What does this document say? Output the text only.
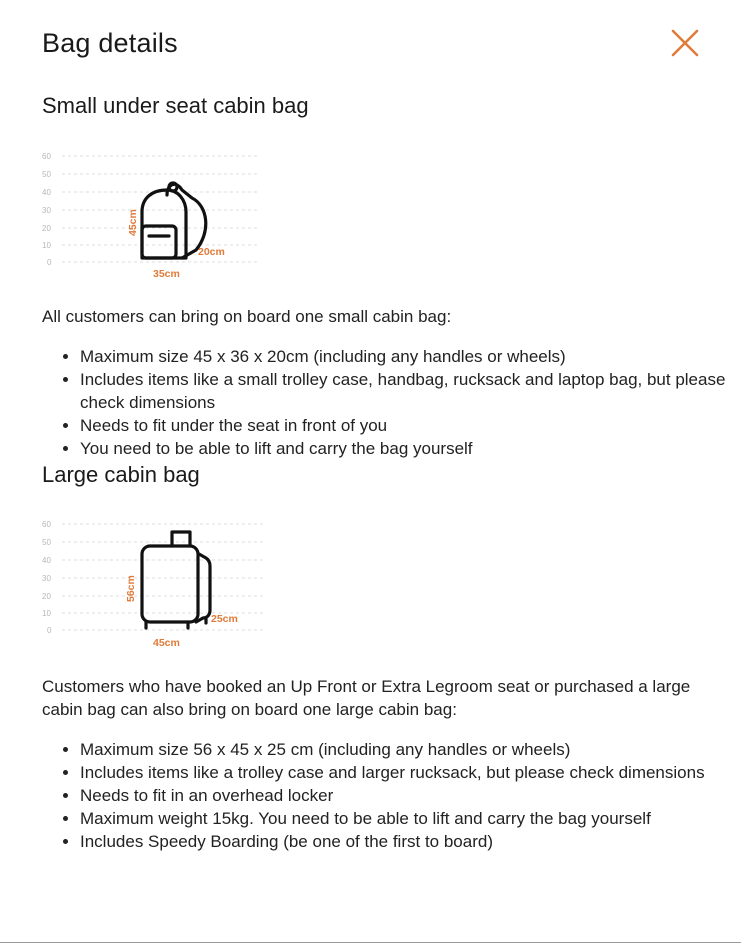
Bag details
Small under seat cabin bag
60
50
40
30
20
10
0
45cm
35cm
20cm

All customers can bring on board one small cabin bag:

• Maximum size 45 x 36 x 20cm (including any handles or wheels)
• Includes items like a small trolley case, handbag, rucksack and laptop bag, but please check dimensions
• Needs to fit under the seat in front of you
• You need to be able to lift and carry the bag yourself
Large cabin bag
60
50
40
30
20
10
0
56cm
45cm
25cm

Customers who have booked an Up Front or Extra Legroom seat or purchased a large cabin bag can also bring on board one large cabin bag:

• Maximum size 56 x 45 x 25 cm (including any handles or wheels)
• Includes items like a trolley case and larger rucksack, but please check dimensions
• Needs to fit in an overhead locker
• Maximum weight 15kg. You need to be able to lift and carry the bag yourself
• Includes Speedy Boarding (be one of the first to board)
